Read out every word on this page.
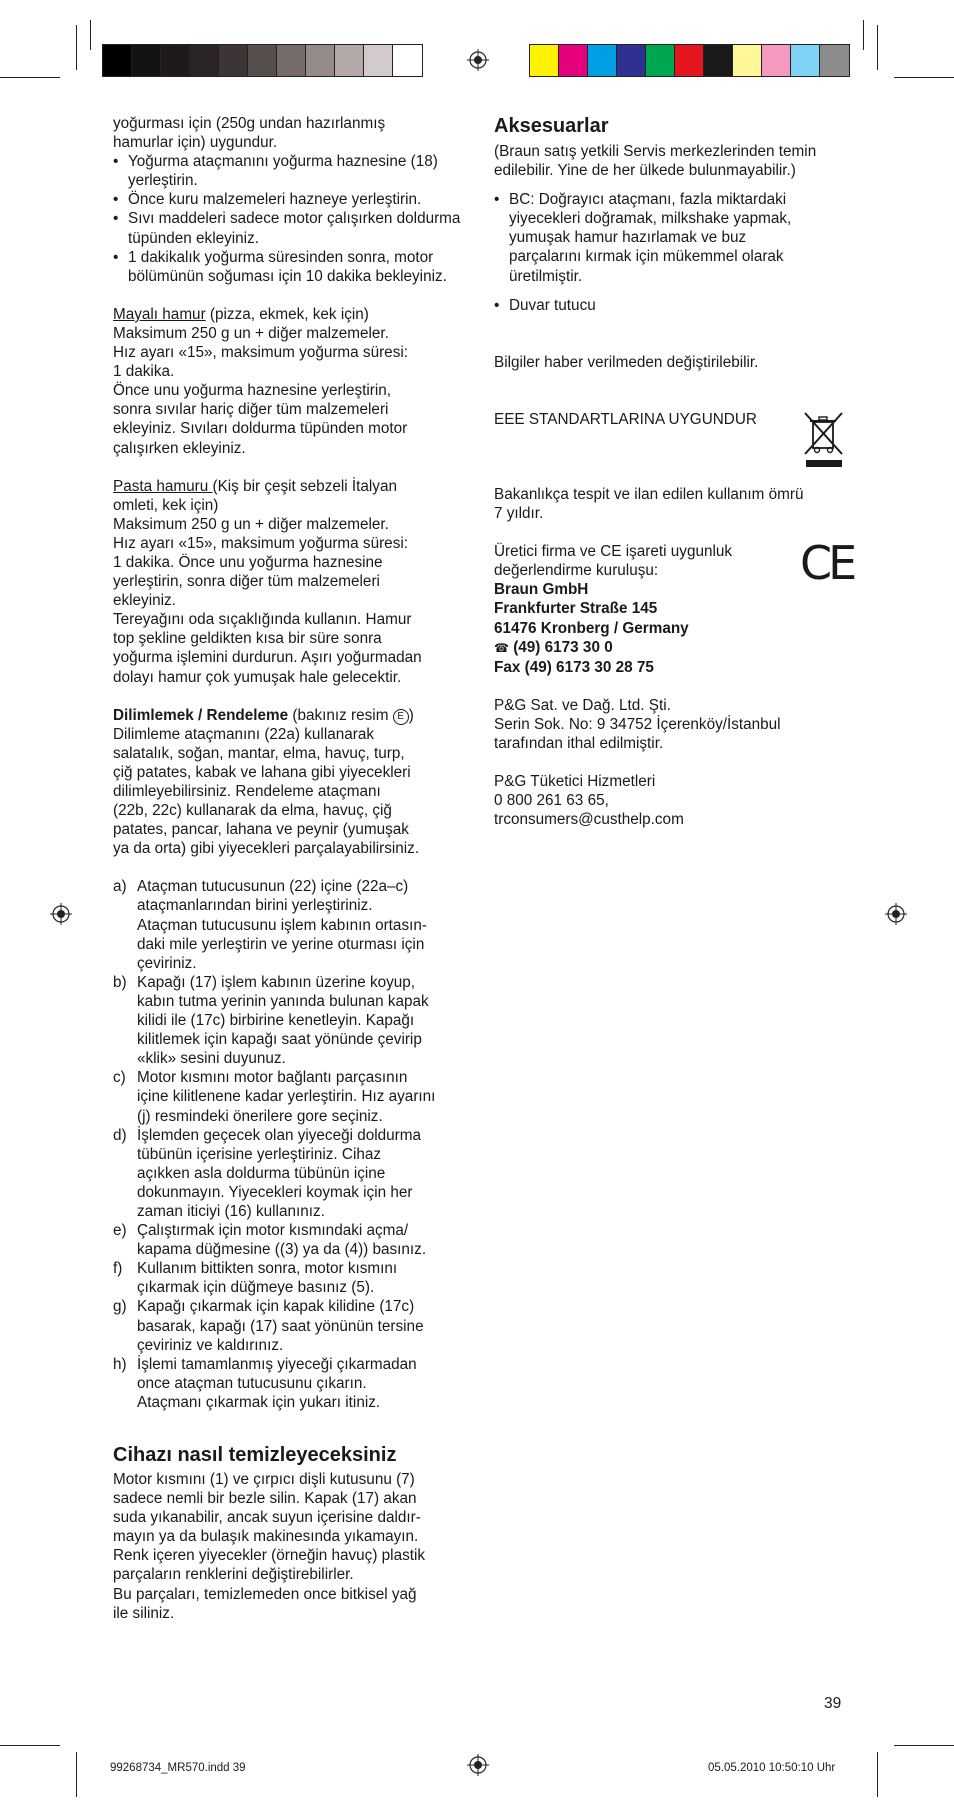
yoğurması için (250g undan hazırlanmış

hamurlar için) uygundur.

• Yoğurma ataçmanını yoğurma haznesine (18) yerleştirin.
• Önce kuru malzemeleri hazneye yerleştirin.
• Sıvı maddeleri sadece motor çalışırken doldurma tüpünden ekleyiniz.
• 1 dakikalık yoğurma süresinden sonra, motor bölümünün soğuması için 10 dakika bekleyiniz.

Mayalı hamur (pizza, ekmek, kek için)

Maksimum 250 g un + diğer malzemeler.

Hız ayarı «15», maksimum yoğurma süresi:

1 dakika.

Önce unu yoğurma haznesine yerleştirin,

sonra sıvılar hariç diğer tüm malzemeleri

ekleyiniz. Sıvıları doldurma tüpünden motor

çalışırken ekleyiniz.

Pasta hamuru (Kiş bir çeşit sebzeli İtalyan

omleti, kek için)

Maksimum 250 g un + diğer malzemeler.

Hız ayarı «15», maksimum yoğurma süresi:

1 dakika. Önce unu yoğurma haznesine

yerleştirin, sonra diğer tüm malzemeleri

ekleyiniz.

Tereyağını oda sıçaklığında kullanın. Hamur

top şekline geldikten kısa bir süre sonra

yoğurma işlemini durdurun. Aşırı yoğurmadan

dolayı hamur çok yumuşak hale gelecektir.

Dilimlemek / Rendeleme (bakınız resim E )

Dilimleme ataçmanını (22a) kullanarak

salatalık, soğan, mantar, elma, havuç, turp,

çiğ patates, kabak ve lahana gibi yiyecekleri

dilimleyebilirsiniz. Rendeleme ataçmanı

(22b, 22c) kullanarak da elma, havuç, çiğ

patates, pancar, lahana ve peynir (yumuşak

ya da orta) gibi yiyecekleri parçalayabilirsiniz.

a) Ataçman tutucusunun (22) içine (22a–c)

ataçmanlarından birini yerleştiriniz.

Ataçman tutucusunu işlem kabının ortasın-

daki mile yerleştirin ve yerine oturması için

çeviriniz.

b) Kapağı (17) işlem kabının üzerine koyup,

kabın tutma yerinin yanında bulunan kapak

kilidi ile (17c) birbirine kenetleyin. Kapağı

kilitlemek için kapağı saat yönünde çevirip

«klik» sesini duyunuz.

c) Motor kısmını motor bağlantı parçasının

içine kilitlenene kadar yerleştirin. Hız ayarını

(j) resmindeki önerilere gore seçiniz.

d) İşlemden geçecek olan yiyeceği doldurma

tübünün içerisine yerleştiriniz. Cihaz

açıkken asla doldurma tübünün içine

dokunmayın. Yiyecekleri koymak için her

zaman iticiyi (16) kullanınız.

e) Çalıştırmak için motor kısmındaki açma/

kapama düğmesine ((3) ya da (4)) basınız.

f) Kullanım bittikten sonra, motor kısmını

çıkarmak için düğmeye basınız (5).

g) Kapağı çıkarmak için kapak kilidine (17c)

basarak, kapağı (17) saat yönünün tersine

çeviriniz ve kaldırınız.

h) İşlemi tamamlanmış yiyeceği çıkarmadan

once ataçman tutucusunu çıkarın.

Ataçmanı çıkarmak için yukarı itiniz.

Cihazı nasıl temizleyeceksiniz

Motor kısmını (1) ve çırpıcı dişli kutusunu (7)

sadece nemli bir bezle silin. Kapak (17) akan

suda yıkanabilir, ancak suyun içerisine daldır-

mayın ya da bulaşık makinesında yıkamayın.

Renk içeren yiyecekler (örneğin havuç) plastik

parçaların renklerini değiştirebilirler.

Bu parçaları, temizlemeden once bitkisel yağ

ile siliniz.

Aksesuarlar

(Braun satış yetkili Servis merkezlerinden temin

edilebilir. Yine de her ülkede bulunmayabilir.)

• BC: Doğrayıcı ataçmanı, fazla miktardaki

yiyecekleri doğramak, milkshake yapmak,

yumuşak hamur hazırlamak ve buz

parçalarını kırmak için mükemmel olarak

üretilmiştir.

• Duvar tutucu

Bilgiler haber verilmeden değiştirilebilir.

EEE STANDARTLARINA UYGUNDUR

Bakanlıkça tespit ve ilan edilen kullanım ömrü

7 yıldır.

Üretici firma ve CE işareti uygunluk

değerlendirme kuruluşu:

Braun GmbH

Frankfurter Straße 145

61476 Kronberg / Germany

☎ (49) 6173 30 0

Fax (49) 6173 30 28 75

P&G Sat. ve Dağ. Ltd. Şti.

Serin Sok. No: 9 34752 İçerenköy/İstanbul

tarafından ithal edilmiştir.

P&G Tüketici Hizmetleri

0 800 261 63 65,

trconsumers@custhelp.com

CE
39
99268734_MR570.indd 39	05.05.2010 10:50:10 Uhr
